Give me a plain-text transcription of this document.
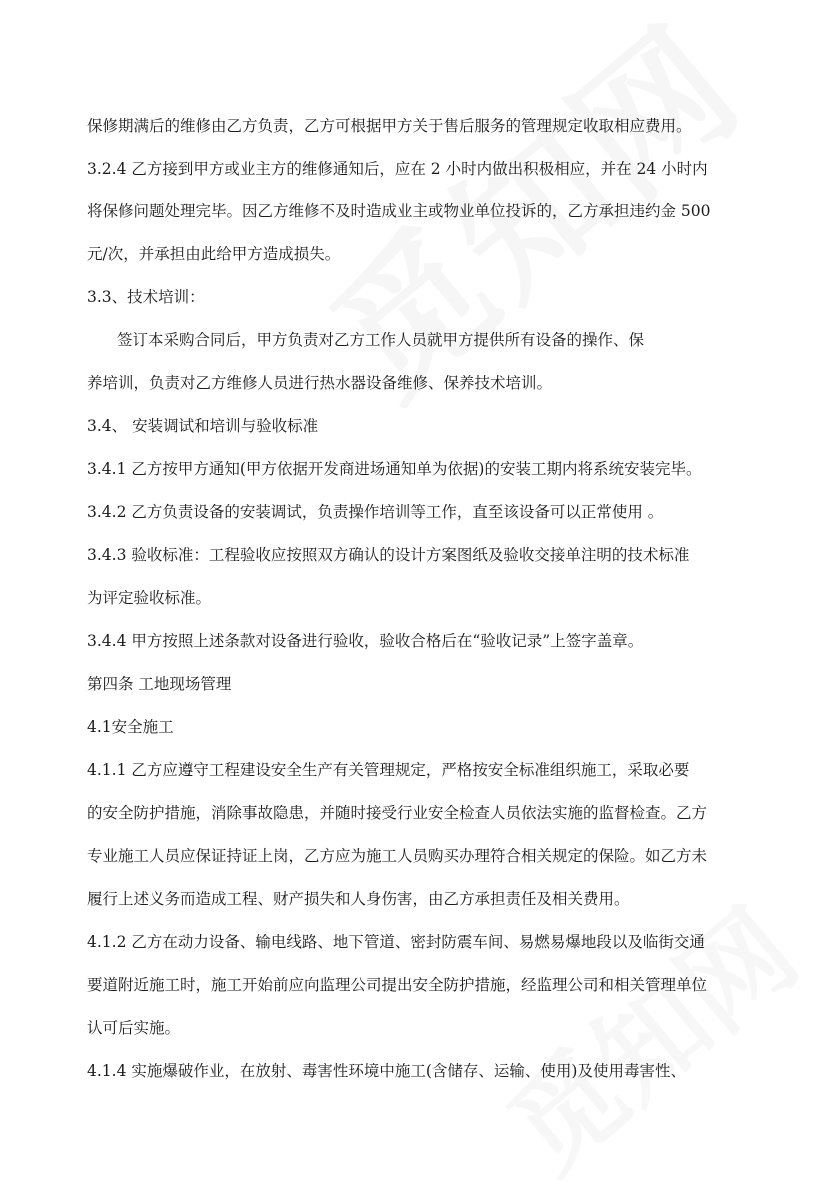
保修期满后的维修由乙方负责，乙方可根据甲方关于售后服务的管理规定收取相应费用。
3.2.4 乙方接到甲方或业主方的维修通知后，应在 2 小时内做出积极相应，并在 24 小时内
将保修问题处理完毕。因乙方维修不及时造成业主或物业单位投诉的，乙方承担违约金 500
元/次，并承担由此给甲方造成损失。
3.3、技术培训：
签订本采购合同后，甲方负责对乙方工作人员就甲方提供所有设备的操作、保
养培训，负责对乙方维修人员进行热水器设备维修、保养技术培训。
3.4、 安装调试和培训与验收标准
3.4.1 乙方按甲方通知(甲方依据开发商进场通知单为依据)的安装工期内将系统安装完毕。
3.4.2 乙方负责设备的安装调试，负责操作培训等工作，直至该设备可以正常使用 。
3.4.3 验收标准：工程验收应按照双方确认的设计方案图纸及验收交接单注明的技术标准
为评定验收标准。
3.4.4 甲方按照上述条款对设备进行验收，验收合格后在“验收记录”上签字盖章。
第四条 工地现场管理
4.1安全施工
4.1.1 乙方应遵守工程建设安全生产有关管理规定，严格按安全标准组织施工，采取必要
的安全防护措施，消除事故隐患，并随时接受行业安全检查人员依法实施的监督检查。乙方
专业施工人员应保证持证上岗，乙方应为施工人员购买办理符合相关规定的保险。如乙方未
履行上述义务而造成工程、财产损失和人身伤害，由乙方承担责任及相关费用。
4.1.2 乙方在动力设备、输电线路、地下管道、密封防震车间、易燃易爆地段以及临街交通
要道附近施工时，施工开始前应向监理公司提出安全防护措施，经监理公司和相关管理单位
认可后实施。
4.1.4 实施爆破作业，在放射、毒害性环境中施工(含储存、运输、使用)及使用毒害性、
